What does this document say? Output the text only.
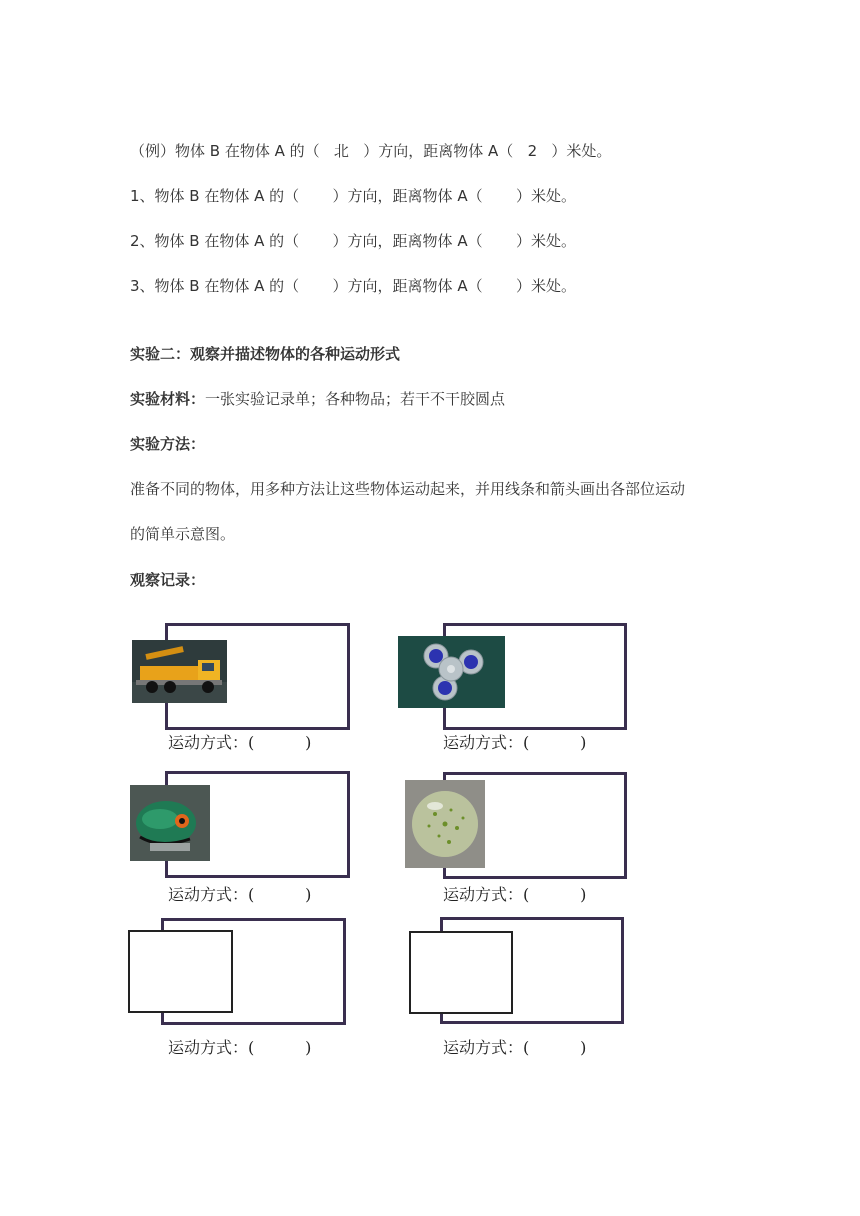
（例）物体 B 在物体 A 的（   北   ）方向，距离物体 A（   2   ）米处。
1、物体 B 在物体 A 的（       ）方向，距离物体 A（       ）米处。
2、物体 B 在物体 A 的（       ）方向，距离物体 A（       ）米处。
3、物体 B 在物体 A 的（       ）方向，距离物体 A（       ）米处。
实验二：观察并描述物体的各种运动形式
实验材料：一张实验记录单；各种物品；若干不干胶圆点
实验方法：
准备不同的物体，用多种方法让这些物体运动起来，并用线条和箭头画出各部位运动
的简单示意图。
观察记录：
运动方式：(          )	运动方式：(          )
运动方式：(          )	运动方式：(          )
运动方式：(          )	运动方式：(          )
